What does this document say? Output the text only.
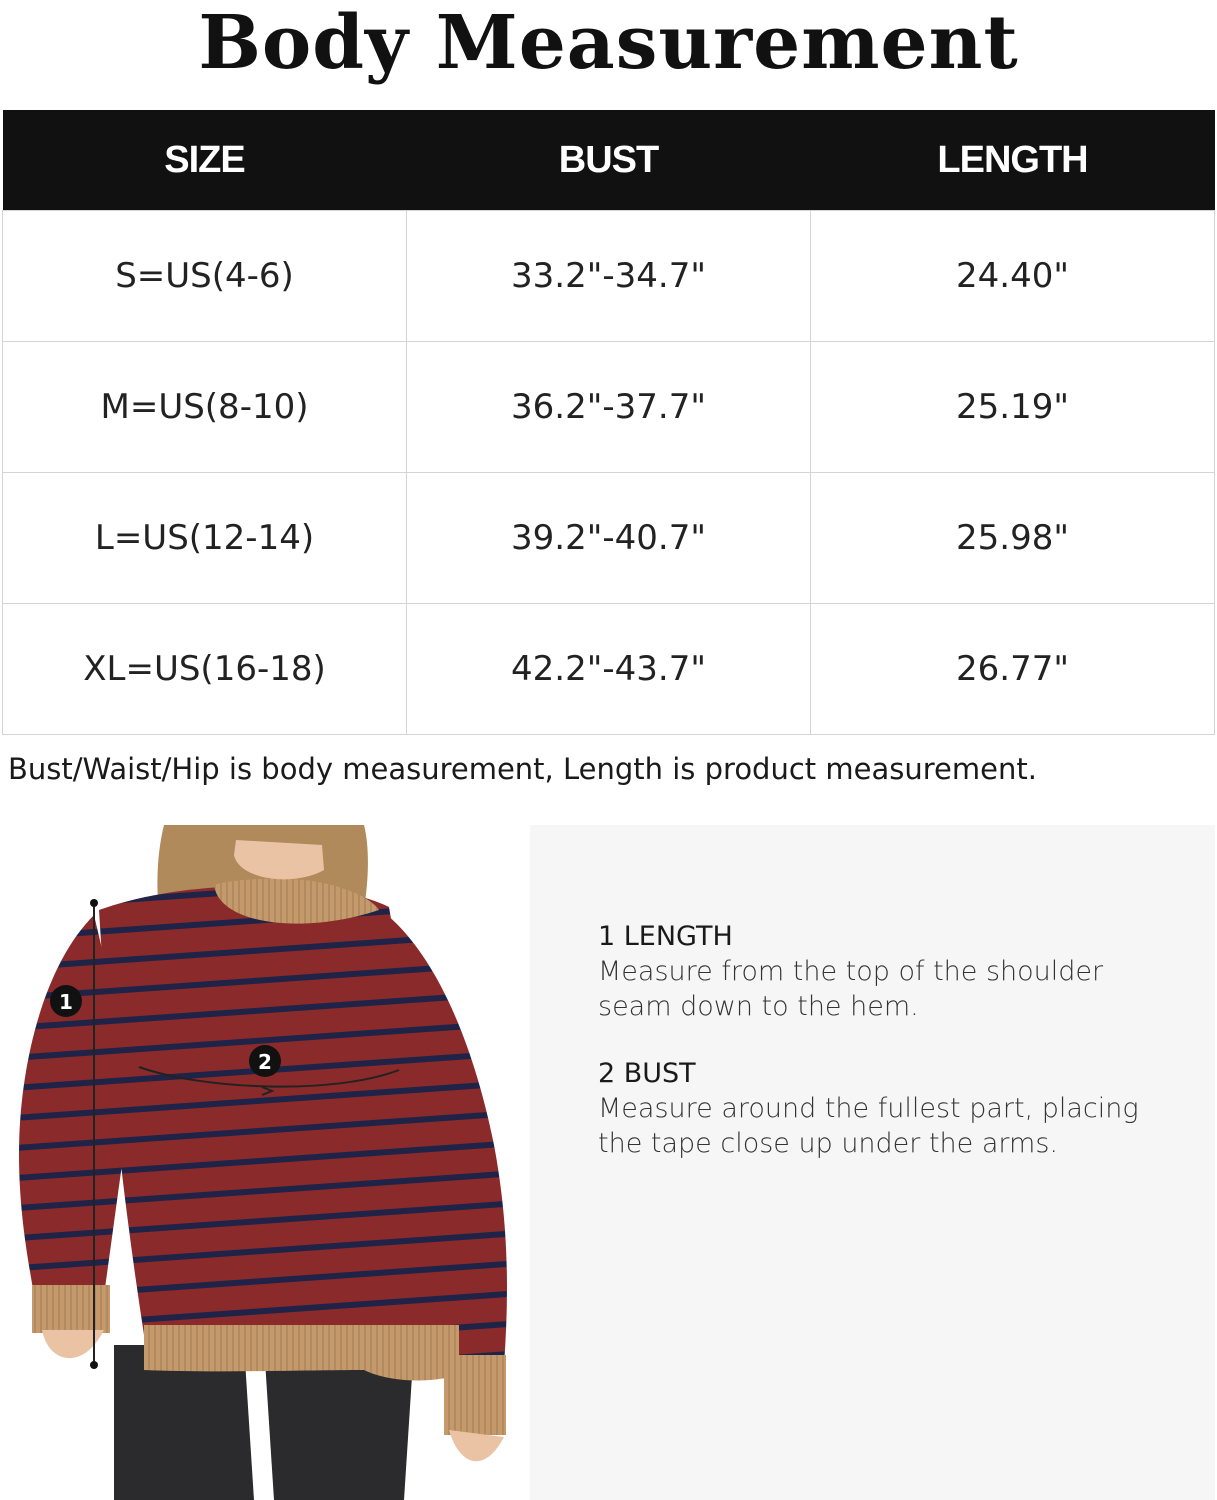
Body Measurement
SIZE	BUST	LENGTH
S=US(4-6)	33.2"-34.7"	24.40"
M=US(8-10)	36.2"-37.7"	25.19"
L=US(12-14)	39.2"-40.7"	25.98"
XL=US(16-18)	42.2"-43.7"	26.77"
Bust/Waist/Hip is body measurement, Length is product measurement.
1
2
1 LENGTH
Measure from the top of the shoulder
seam down to the hem.
2 BUST
Measure around the fullest part, placing
the tape close up under the arms.
